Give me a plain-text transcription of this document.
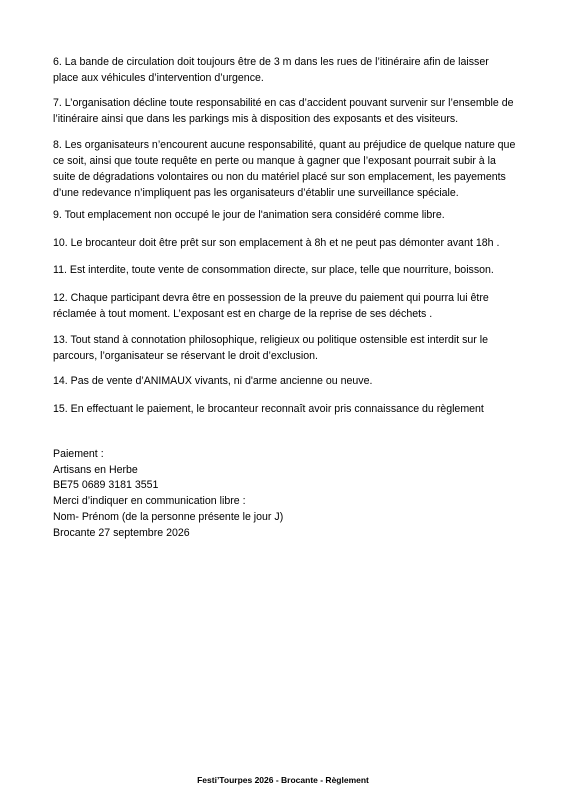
6. La bande de circulation doit toujours être de 3 m dans les rues de l’itinéraire afin de laisser place aux véhicules d’intervention d’urgence.

7. L’organisation décline toute responsabilité en cas d’accident pouvant survenir sur l’ensemble de l’itinéraire ainsi que dans les parkings mis à disposition des exposants et des visiteurs.

8. Les organisateurs n’encourent aucune responsabilité, quant au préjudice de quelque nature que ce soit, ainsi que toute requête en perte ou manque à gagner que l’exposant pourrait subir à la suite de dégradations volontaires ou non du matériel placé sur son emplacement, les payements d’une redevance n’impliquent pas les organisateurs d’établir une surveillance spéciale.

9. Tout emplacement non occupé le jour de l'animation sera considéré comme libre.

10. Le brocanteur doit être prêt sur son emplacement à 8h et ne peut pas démonter avant 18h .

11. Est interdite, toute vente de consommation directe, sur place, telle que nourriture, boisson.

12. Chaque participant devra être en possession de la preuve du paiement qui pourra lui être réclamée à tout moment. L’exposant est en charge de la reprise de ses déchets .

13. Tout stand à connotation philosophique, religieux ou politique ostensible est interdit sur le parcours, l’organisateur se réservant le droit d’exclusion.

14. Pas de vente d’ANIMAUX vivants, ni d'arme ancienne ou neuve.

15. En effectuant le paiement, le brocanteur reconnaît avoir pris connaissance du règlement

Paiement :

Artisans en Herbe

BE75 0689 3181 3551

Merci d’indiquer en communication libre :

Nom- Prénom (de la personne présente le jour J)

Brocante 27 septembre 2026

Festi’Tourpes 2026 - Brocante - Règlement
